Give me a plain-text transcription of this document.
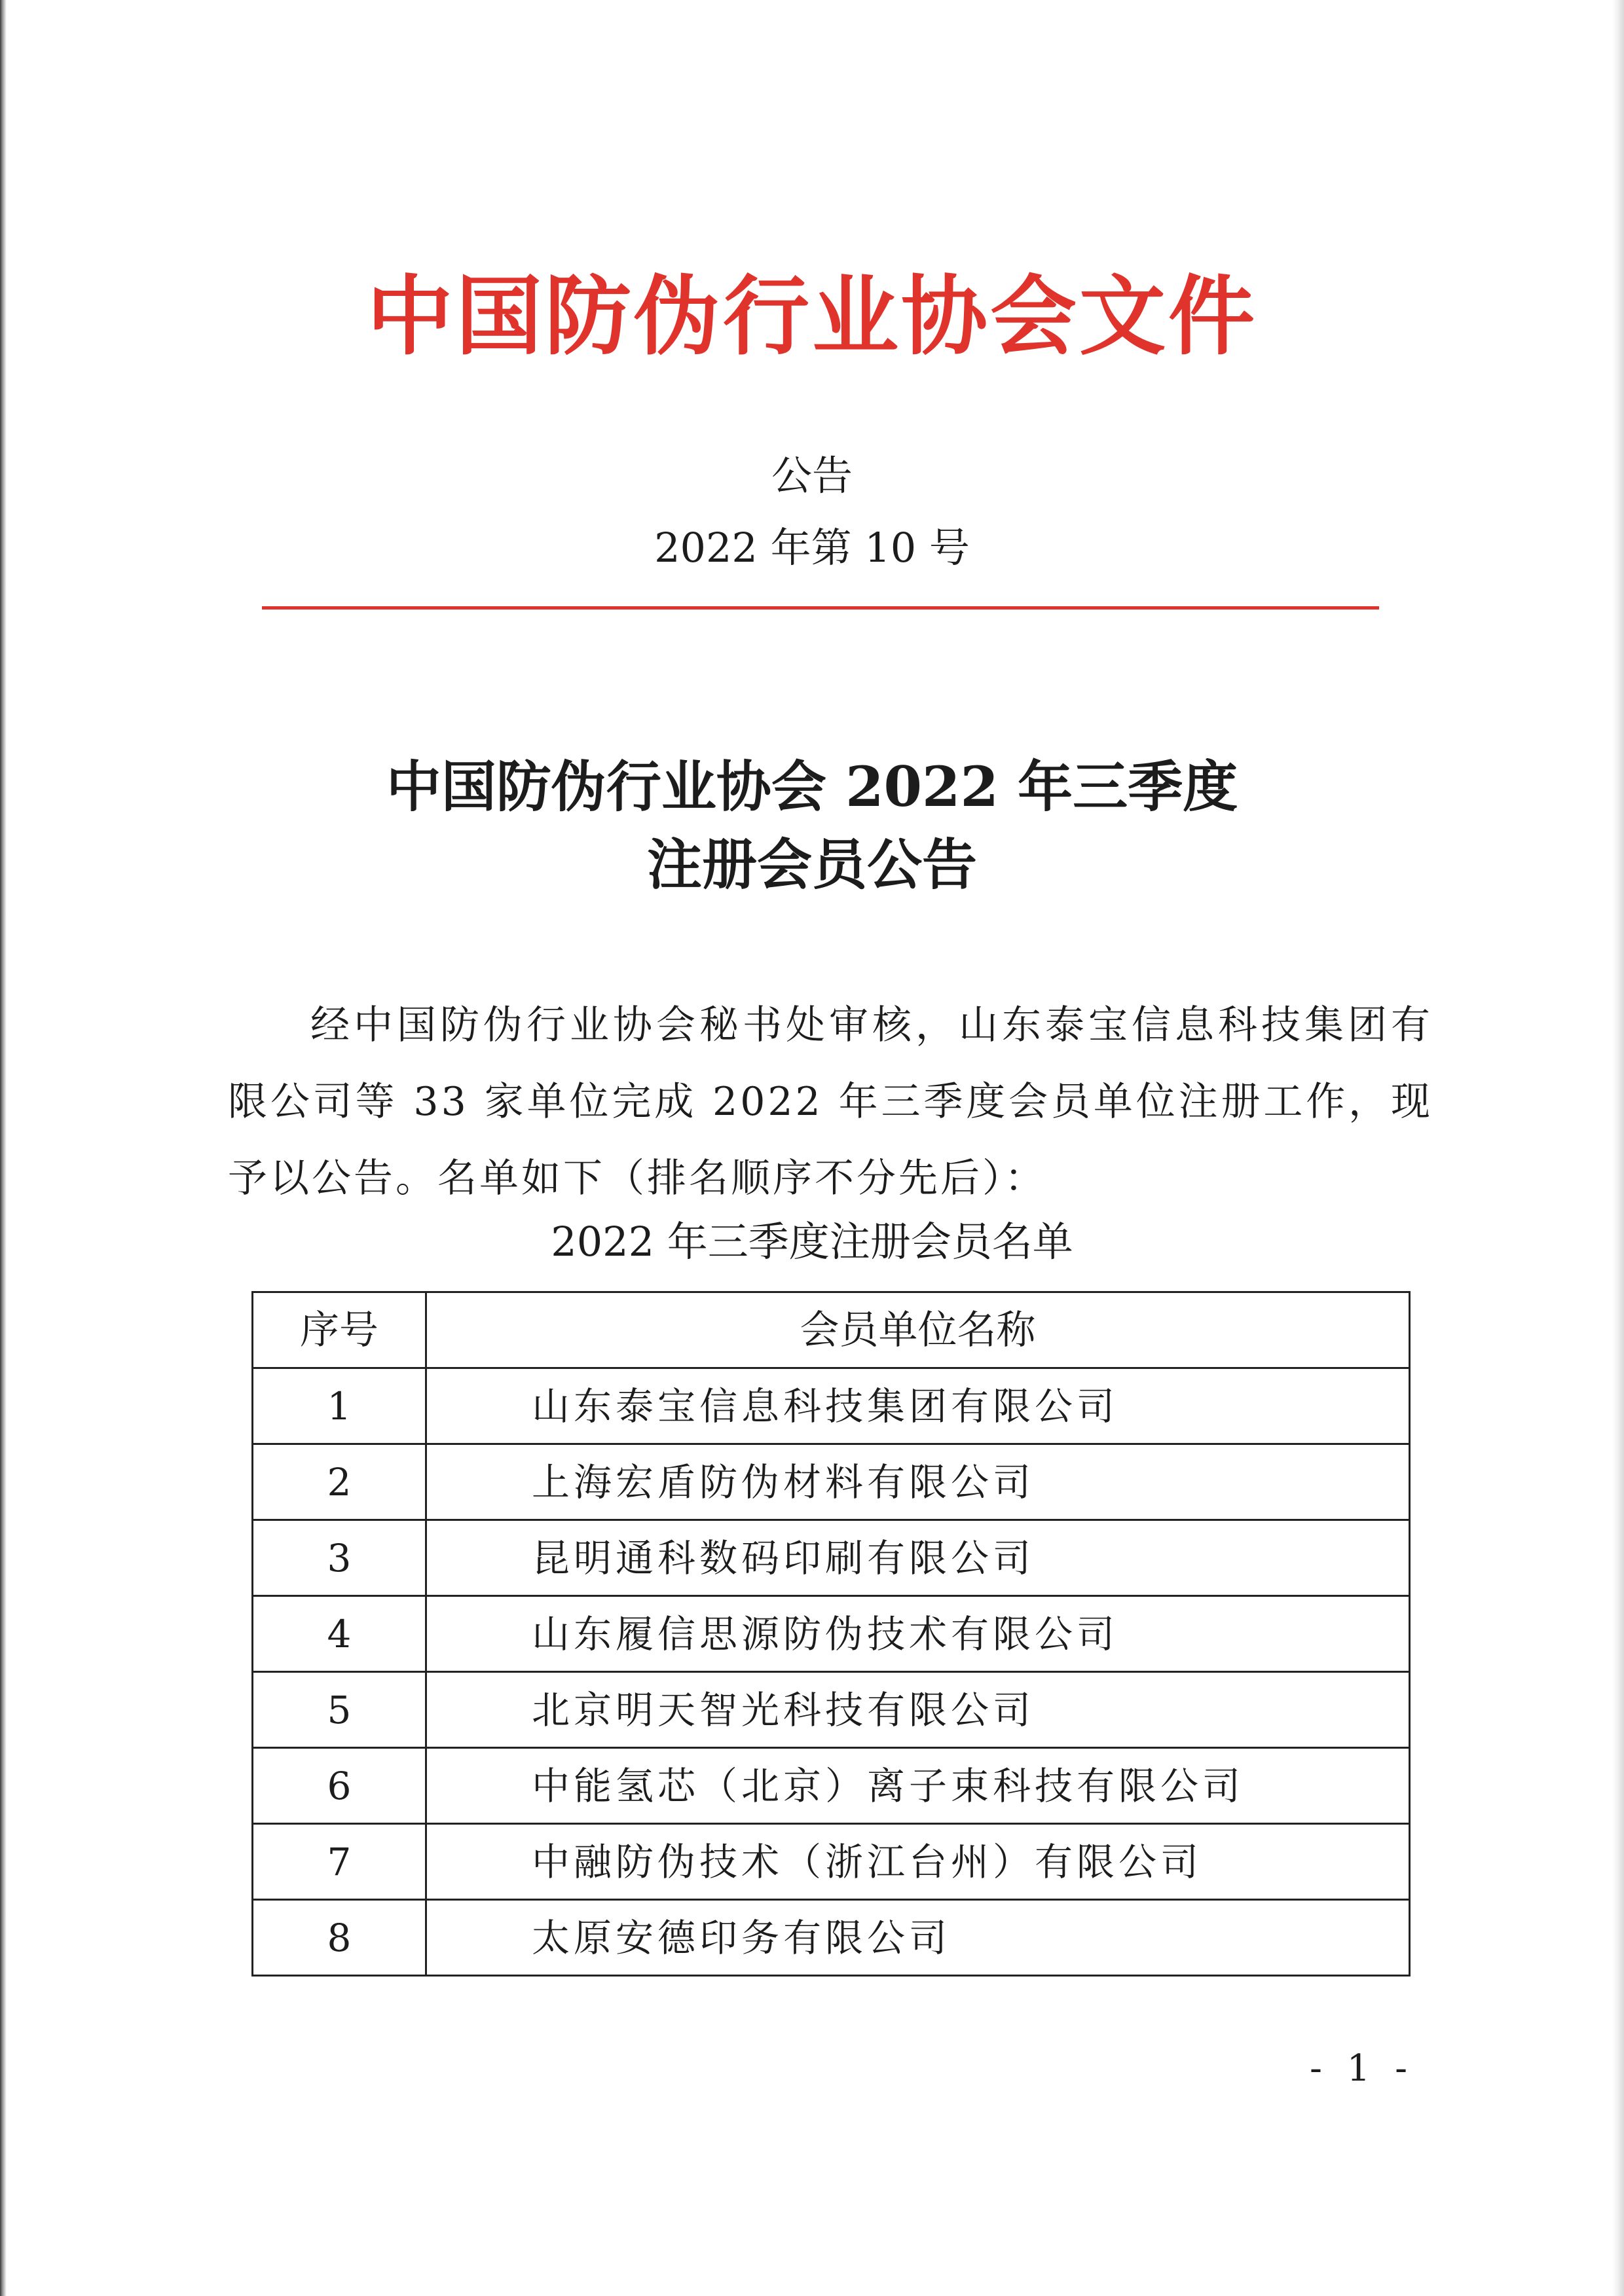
中国防伪行业协会文件
公告
2022 年第 10 号
中国防伪行业协会 2022 年三季度
注册会员公告
经中国防伪行业协会秘书处审核，山东泰宝信息科技集团有限公司等 33 家单位完成 2022 年三季度会员单位注册工作，现予以公告。名单如下（排名顺序不分先后）：
2022 年三季度注册会员名单
序号	会员单位名称
1	山东泰宝信息科技集团有限公司
2	上海宏盾防伪材料有限公司
3	昆明通科数码印刷有限公司
4	山东履信思源防伪技术有限公司
5	北京明天智光科技有限公司
6	中能氢芯（北京）离子束科技有限公司
7	中融防伪技术（浙江台州）有限公司
8	太原安德印务有限公司
- 1 -
